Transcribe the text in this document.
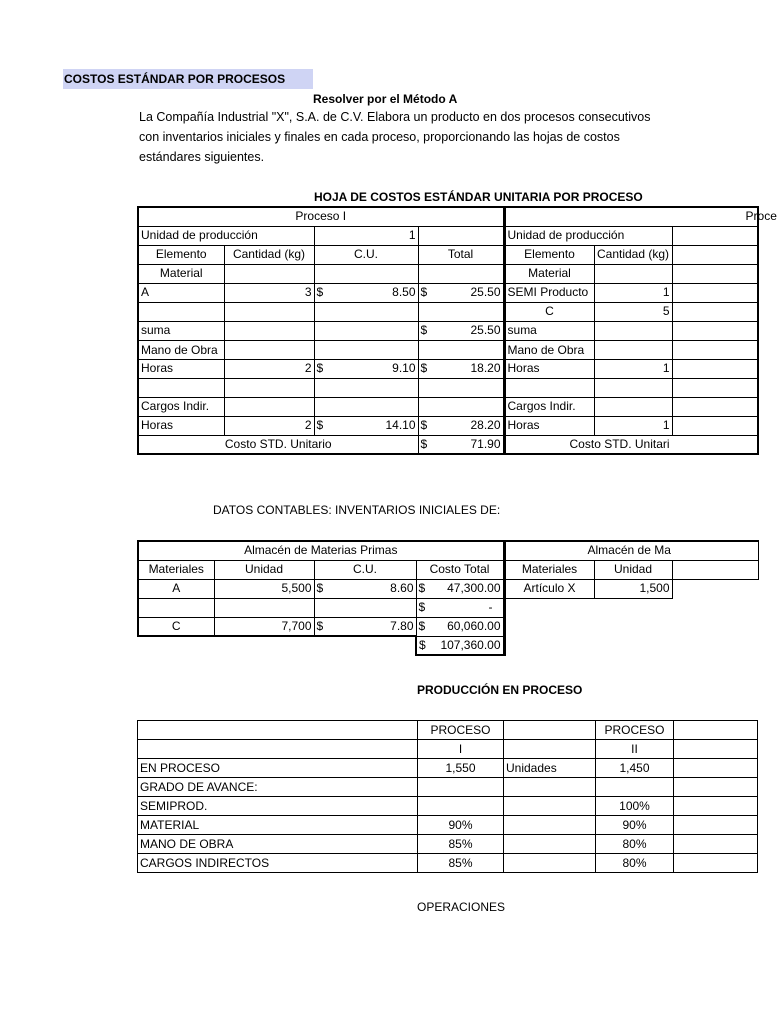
COSTOS ESTÁNDAR POR PROCESOS
Resolver por el Método A
La Compañía Industrial "X", S.A. de C.V. Elabora un producto en dos procesos consecutivos
con inventarios iniciales y finales en cada proceso, proporcionando las hojas de costos
estándares siguientes.
HOJA DE COSTOS ESTÁNDAR UNITARIA POR PROCESO
Proceso I				Proce		
Unidad de producción		1		Unidad de producción		
Elemento	Cantidad (kg)	C.U.	Total	Elemento	Cantidad (kg)	
Material				Material		
A	3	$ 8.50	$ 25.50	SEMI Producto	1	
				C	5	
suma			$ 25.50	suma		
Mano de Obra				Mano de Obra		
Horas	2	$ 9.10	$ 18.20	Horas	1	

Cargos Indir.				Cargos Indir.		
Horas	2	$ 14.10	$ 28.20	Horas	1	
Costo STD. Unitario			$ 71.90	Costo STD. Unitari		
DATOS CONTABLES: INVENTARIOS INICIALES DE:
Almacén de Materias Primas				Almacén de Ma		
Materiales	Unidad	C.U.	Costo Total	Materiales	Unidad	
A	5,500	$ 8.60	$ 47,300.00	Artículo X	1,500	

			$ -			

C	7,700	$ 7.80	$ 60,060.00			

			$ 107,360.00			

PRODUCCIÓN EN PROCESO
	PROCESO		PROCESO	
	I		II	
EN PROCESO	1,550	Unidades	1,450	
GRADO DE AVANCE:				
SEMIPROD.			100%	
MATERIAL	90%		90%	
MANO DE OBRA	85%		80%	
CARGOS INDIRECTOS	85%		80%	
OPERACIONES
